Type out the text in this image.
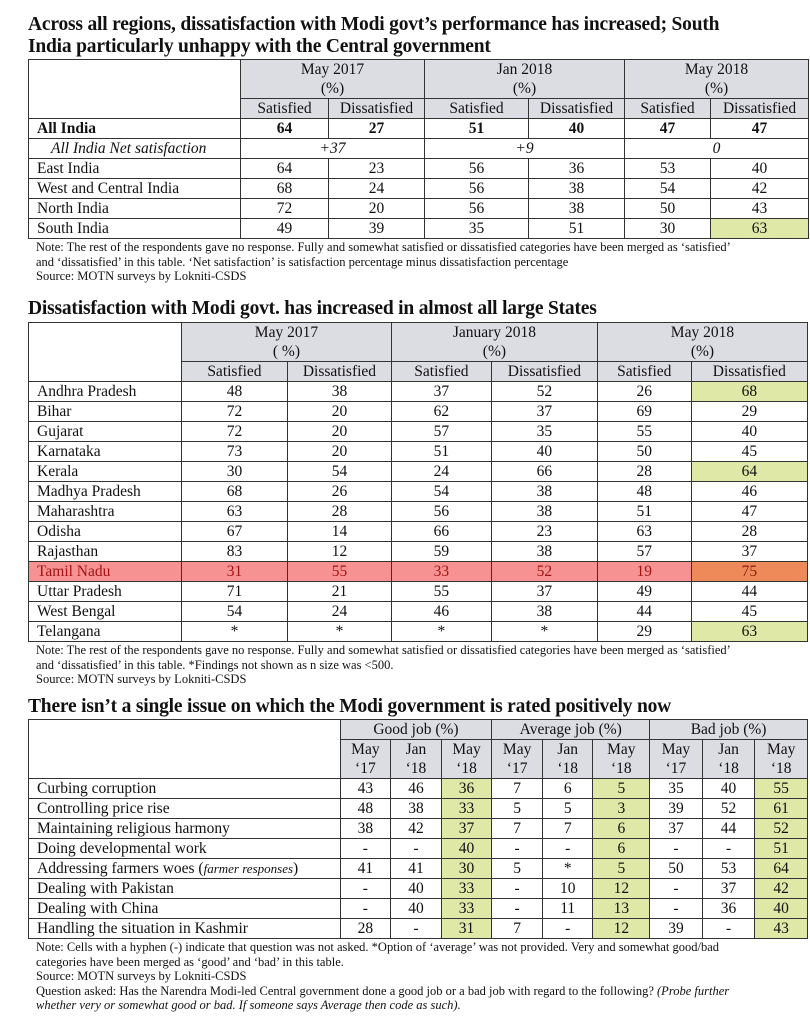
Across all regions, dissatisfaction with Modi govt’s performance has increased; South
India particularly unhappy with the Central government

	May 2017
(%)		Jan 2018
(%)		May 2018
(%)	
	Satisfied	Dissatisfied	Satisfied	Dissatisfied	Satisfied	Dissatisfied
All India	64	27	51	40	47	47
All India Net satisfaction	+37		+9		0	
East India	64	23	56	36	53	40
West and Central India	68	24	56	38	54	42
North India	72	20	56	38	50	43
South India	49	39	35	51	30	63
Note: The rest of the respondents gave no response. Fully and somewhat satisfied or dissatisfied categories have been merged as ‘satisfied’
and ‘dissatisfied’ in this table. ‘Net satisfaction’ is satisfaction percentage minus dissatisfaction percentage
Source: MOTN surveys by Lokniti-CSDS

Dissatisfaction with Modi govt. has increased in almost all large States

	May 2017
( %)		January 2018
(%)		May 2018
(%)	
	Satisfied	Dissatisfied	Satisfied	Dissatisfied	Satisfied	Dissatisfied
Andhra Pradesh	48	38	37	52	26	68
Bihar	72	20	62	37	69	29
Gujarat	72	20	57	35	55	40
Karnataka	73	20	51	40	50	45
Kerala	30	54	24	66	28	64
Madhya Pradesh	68	26	54	38	48	46
Maharashtra	63	28	56	38	51	47
Odisha	67	14	66	23	63	28
Rajasthan	83	12	59	38	57	37
Tamil Nadu	31	55	33	52	19	75
Uttar Pradesh	71	21	55	37	49	44
West Bengal	54	24	46	38	44	45
Telangana	*	*	*	*	29	63
Note: The rest of the respondents gave no response. Fully and somewhat satisfied or dissatisfied categories have been merged as ‘satisfied’
and ‘dissatisfied’ in this table. *Findings not shown as n size was <500.
Source: MOTN surveys by Lokniti-CSDS

There isn’t a single issue on which the Modi government is rated positively now

	Good job (%)			Average job (%)			Bad job (%)		
	May
‘17	Jan
‘18	May
‘18	May
‘17	Jan
‘18	May
‘18	May
‘17	Jan
‘18	May
‘18
Curbing corruption	43	46	36	7	6	5	35	40	55
Controlling price rise	48	38	33	5	5	3	39	52	61
Maintaining religious harmony	38	42	37	7	7	6	37	44	52
Doing developmental work	-	-	40	-	-	6	-	-	51
Addressing farmers woes (farmer responses)	41	41	30	5	*	5	50	53	64
Dealing with Pakistan	-	40	33	-	10	12	-	37	42
Dealing with China	-	40	33	-	11	13	-	36	40
Handling the situation in Kashmir	28	-	31	7	-	12	39	-	43
Note: Cells with a hyphen (-) indicate that question was not asked. *Option of ‘average’ was not provided. Very and somewhat good/bad
categories have been merged as ‘good’ and ‘bad’ in this table.
Source: MOTN surveys by Lokniti-CSDS
Question asked: Has the Narendra Modi-led Central government done a good job or a bad job with regard to the following? (Probe further
whether very or somewhat good or bad. If someone says Average then code as such).
